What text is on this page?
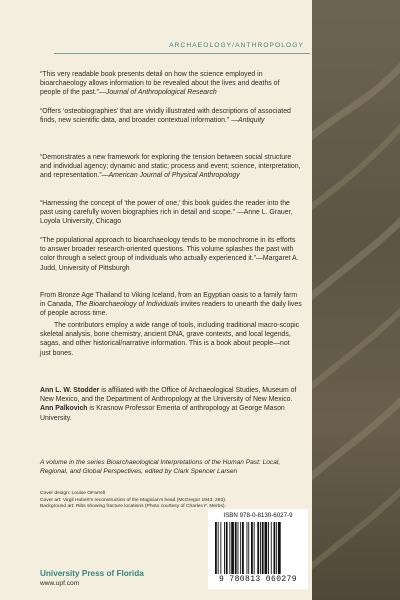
ARCHAEOLOGY/ANTHROPOLOGY
“This very readable book presents detail on how the science employed in bioarchaeology allows information to be revealed about the lives and deaths of people of the past.”—Journal of Anthropological Research
“Offers ‘osteobiographies’ that are vividly illustrated with descriptions of associated finds, new scientific data, and broader contextual information.” —Antiquity
“Demonstrates a new framework for exploring the tension between social structure and individual agency; dynamic and static; process and event; science, interpretation, and representation.”—American Journal of Physical Anthropology
“Harnessing the concept of ‘the power of one,’ this book guides the reader into the past using carefully woven biographies rich in detail and scope.” —Anne L. Grauer, Loyola University, Chicago
“The populational approach to bioarchaeology tends to be monochrome in its efforts to answer broader research-oriented questions. This volume splashes the past with color through a select group of individuals who actually experienced it.”—Margaret A. Judd, University of Pittsburgh
From Bronze Age Thailand to Viking Iceland, from an Egyptian oasis to a family farm in Canada, The Bioarchaeology of Individuals invites readers to unearth the daily lives of people across time.
The contributors employ a wide range of tools, including traditional macro-scopic skeletal analysis, bone chemistry, ancient DNA, grave contexts, and local legends, sagas, and other historical/narrative information. This is a book about people—not just bones.
Ann L. W. Stodder is affiliated with the Office of Archaeological Studies, Museum of New Mexico, and the Department of Anthropology at the University of New Mexico. Ann Palkovich is Krasnow Professor Emerita of anthropology at George Mason University.
A volume in the series Bioarchaeological Interpretations of the Human Past: Local, Regional, and Global Perspectives, edited by Clark Spencer Larsen
Cover design: Louise OFarrell
Cover art: Virgil Hubert’s reconstruction of the Magician’s head (McGregor 1943: 293).
Background art: Ribs showing fracture locations (Photo courtesy of Charles F. Merbs).
University Press of Florida
www.upf.com
ISBN 978-0-8130-6027-9
9 780813 060279
